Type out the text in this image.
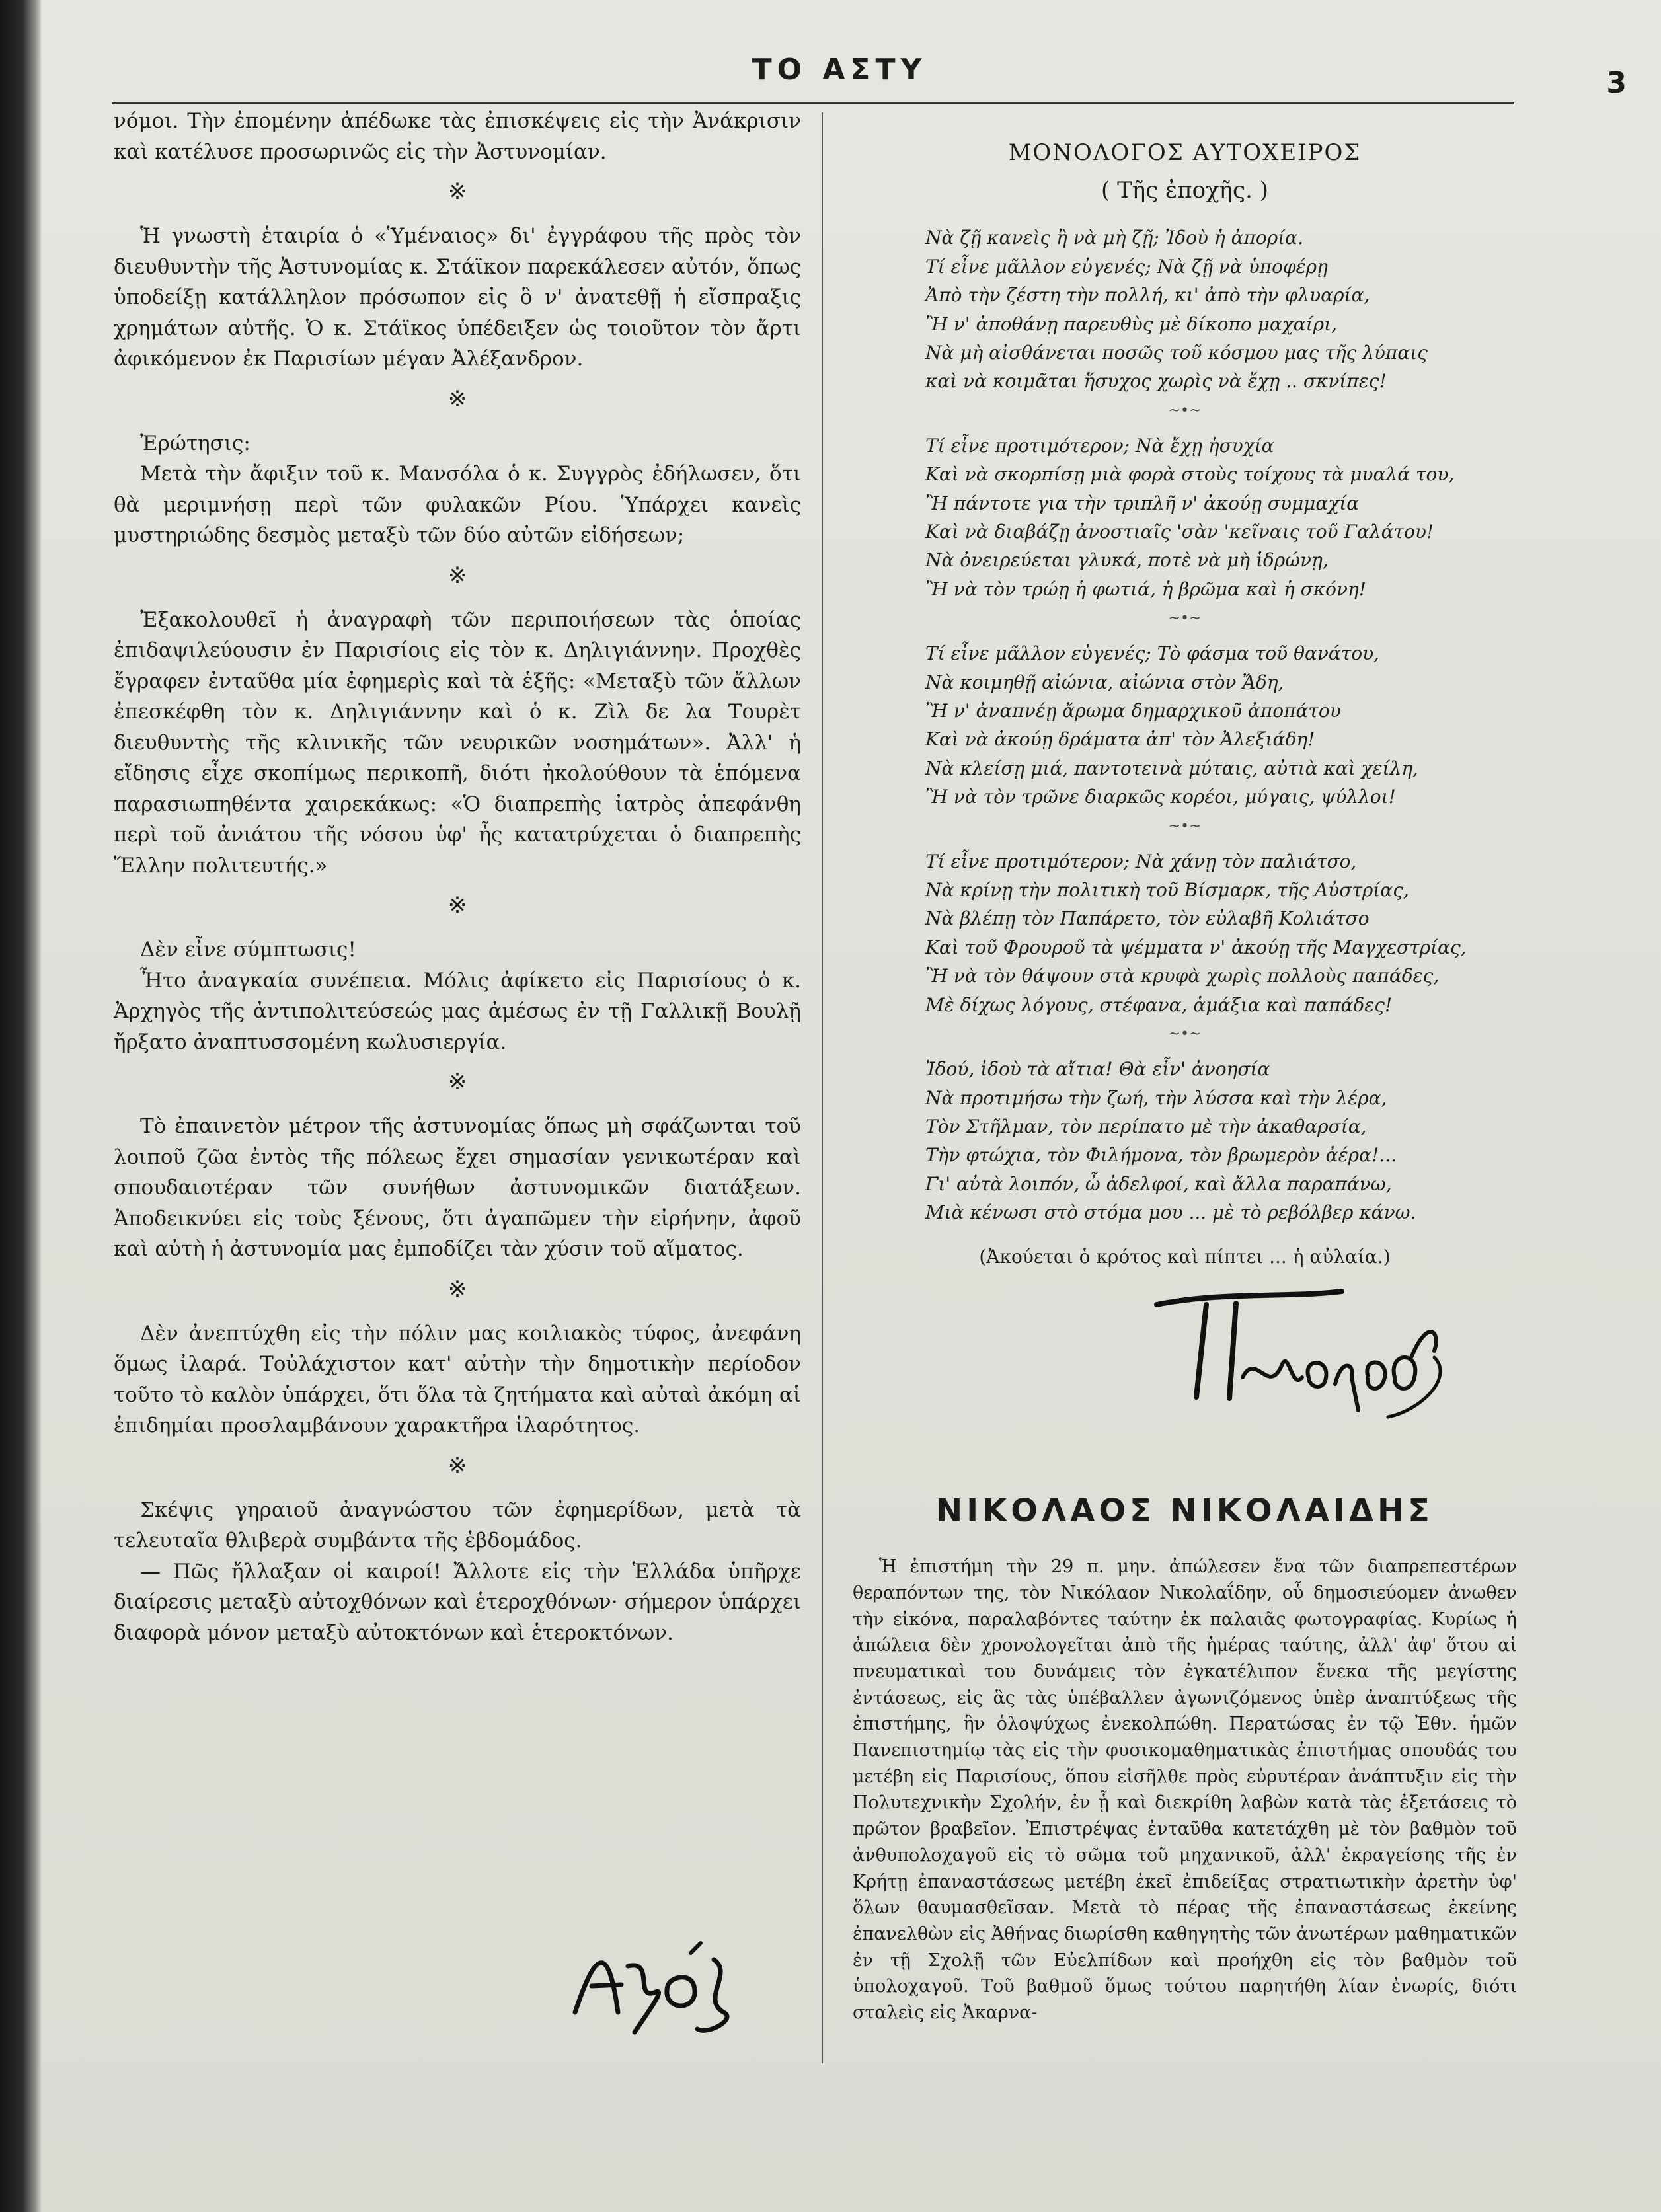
ΤΟ ΑΣΤΥ	3

νόμοι. Τὴν ἐπομένην ἀπέδωκε τὰς ἐπισκέψεις εἰς τὴν Ἀνάκρισιν καὶ κατέλυσε προσωρινῶς εἰς τὴν Ἀστυνομίαν.

※

Ἡ γνωστὴ ἑταιρία ὁ «Ὑμέναιος» δι' ἐγγράφου τῆς πρὸς τὸν διευθυντὴν τῆς Ἀστυνομίας κ. Στάϊκον παρεκάλεσεν αὐτόν, ὅπως ὑποδείξῃ κατάλληλον πρόσωπον εἰς ὃ ν' ἀνατεθῇ ἡ εἴσπραξις χρημάτων αὐτῆς. Ὁ κ. Στάϊκος ὑπέδειξεν ὡς τοιοῦτον τὸν ἄρτι ἀφικόμενον ἐκ Παρισίων μέγαν Ἀλέξανδρον.

※

Ἐρώτησις:

Μετὰ τὴν ἄφιξιν τοῦ κ. Μανσόλα ὁ κ. Συγγρὸς ἐδήλωσεν, ὅτι θὰ μεριμνήσῃ περὶ τῶν φυλακῶν Ρίου. Ὑπάρχει κανεὶς μυστηριώδης δεσμὸς μεταξὺ τῶν δύο αὐτῶν εἰδήσεων;

※

Ἐξακολουθεῖ ἡ ἀναγραφὴ τῶν περιποιήσεων τὰς ὁποίας ἐπιδαψιλεύουσιν ἐν Παρισίοις εἰς τὸν κ. Δηλιγιάννην. Προχθὲς ἔγραφεν ἐνταῦθα μία ἐφημερὶς καὶ τὰ ἑξῆς: «Μεταξὺ τῶν ἄλλων ἐπεσκέφθη τὸν κ. Δηλιγιάννην καὶ ὁ κ. Ζὶλ δε λα Τουρὲτ διευθυντὴς τῆς κλινικῆς τῶν νευρικῶν νοσημάτων». Ἀλλ' ἡ εἴδησις εἶχε σκοπίμως περικοπῆ, διότι ἠκολούθουν τὰ ἑπόμενα παρασιωπηθέντα χαιρεκάκως: «Ὁ διαπρεπὴς ἰατρὸς ἀπεφάνθη περὶ τοῦ ἀνιάτου τῆς νόσου ὑφ' ἧς κατατρύχεται ὁ διαπρεπὴς Ἕλλην πολιτευτής.»

※

Δὲν εἶνε σύμπτωσις!

Ἦτο ἀναγκαία συνέπεια. Μόλις ἀφίκετο εἰς Παρισίους ὁ κ. Ἀρχηγὸς τῆς ἀντιπολιτεύσεώς μας ἀμέσως ἐν τῇ Γαλλικῇ Βουλῇ ἤρξατο ἀναπτυσσομένη κωλυσιεργία.

※

Τὸ ἐπαινετὸν μέτρον τῆς ἀστυνομίας ὅπως μὴ σφάζωνται τοῦ λοιποῦ ζῶα ἐντὸς τῆς πόλεως ἔχει σημασίαν γενικωτέραν καὶ σπουδαιοτέραν τῶν συνήθων ἀστυνομικῶν διατάξεων. Ἀποδεικνύει εἰς τοὺς ξένους, ὅτι ἀγαπῶμεν τὴν εἰρήνην, ἀφοῦ καὶ αὐτὴ ἡ ἀστυνομία μας ἐμποδίζει τὰν χύσιν τοῦ αἵματος.

※

Δὲν ἀνεπτύχθη εἰς τὴν πόλιν μας κοιλιακὸς τύφος, ἀνεφάνη ὅμως ἰλαρά. Τοὐλάχιστον κατ' αὐτὴν τὴν δημοτικὴν περίοδον τοῦτο τὸ καλὸν ὑπάρχει, ὅτι ὅλα τὰ ζητήματα καὶ αὐταὶ ἀκόμη αἱ ἐπιδημίαι προσλαμβάνουν χαρακτῆρα ἱλαρότητος.

※

Σκέψις γηραιοῦ ἀναγνώστου τῶν ἐφημερίδων, μετὰ τὰ τελευταῖα θλιβερὰ συμβάντα τῆς ἑβδομάδος.

— Πῶς ἤλλαξαν οἱ καιροί! Ἄλλοτε εἰς τὴν Ἑλλάδα ὑπῆρχε διαίρεσις μεταξὺ αὐτοχθόνων καὶ ἑτεροχθόνων· σήμερον ὑπάρχει διαφορὰ μόνον μεταξὺ αὐτοκτόνων καὶ ἑτεροκτόνων.

ΜΟΝΟΛΟΓΟΣ ΑΥΤΟΧΕΙΡΟΣ
( Τῆς ἐποχῆς. )
Νὰ ζῇ κανεὶς ἢ νὰ μὴ ζῇ; Ἰδοὺ ἡ ἀπορία.
Τί εἶνε μᾶλλον εὐγενές; Νὰ ζῇ νὰ ὑποφέρῃ
Ἀπὸ τὴν ζέστη τὴν πολλή, κι' ἀπὸ τὴν φλυαρία,
Ἢ ν' ἀποθάνῃ παρευθὺς μὲ δίκοπο μαχαίρι,
Νὰ μὴ αἰσθάνεται ποσῶς τοῦ κόσμου μας τῆς λύπαις
καὶ νὰ κοιμᾶται ἥσυχος χωρὶς νὰ ἔχῃ .. σκνίπες!
~•~
Τί εἶνε προτιμότερον; Νὰ ἔχῃ ἡσυχία
Καὶ νὰ σκορπίσῃ μιὰ φορὰ στοὺς τοίχους τὰ μυαλά του,
Ἢ πάντοτε για τὴν τριπλῆ ν' ἀκούῃ συμμαχία
Καὶ νὰ διαβάζῃ ἀνοστιαῖς 'σὰν 'κεῖναις τοῦ Γαλάτου!
Νὰ ὀνειρεύεται γλυκά, ποτὲ νὰ μὴ ἱδρώνῃ,
Ἢ νὰ τὸν τρώῃ ἡ φωτιά, ἡ βρῶμα καὶ ἡ σκόνη!
~•~
Τί εἶνε μᾶλλον εὐγενές; Τὸ φάσμα τοῦ θανάτου,
Νὰ κοιμηθῇ αἰώνια, αἰώνια στὸν Ἄδη,
Ἢ ν' ἀναπνέῃ ἄρωμα δημαρχικοῦ ἀποπάτου
Καὶ νὰ ἀκούῃ δράματα ἀπ' τὸν Ἀλεξιάδη!
Νὰ κλείσῃ μιά, παντοτεινὰ μύταις, αὐτιὰ καὶ χείλη,
Ἢ νὰ τὸν τρῶνε διαρκῶς κορέοι, μύγαις, ψύλλοι!
~•~
Τί εἶνε προτιμότερον; Νὰ χάνῃ τὸν παλιάτσο,
Νὰ κρίνῃ τὴν πολιτικὴ τοῦ Βίσμαρκ, τῆς Αὐστρίας,
Νὰ βλέπῃ τὸν Παπάρετο, τὸν εὐλαβῆ Κολιάτσο
Καὶ τοῦ Φρουροῦ τὰ ψέμματα ν' ἀκούῃ τῆς Μαγχεστρίας,
Ἢ νὰ τὸν θάψουν στὰ κρυφὰ χωρὶς πολλοὺς παπάδες,
Μὲ δίχως λόγους, στέφανα, ἁμάξια καὶ παπάδες!
~•~
Ἰδού, ἰδοὺ τὰ αἴτια! Θὰ εἶν' ἀνοησία
Νὰ προτιμήσω τὴν ζωή, τὴν λύσσα καὶ τὴν λέρα,
Τὸν Στῆλμαν, τὸν περίπατο μὲ τὴν ἀκαθαρσία,
Τὴν φτώχια, τὸν Φιλήμονα, τὸν βρωμερὸν ἀέρα!...
Γι' αὐτὰ λοιπόν, ὦ ἀδελφοί, καὶ ἄλλα παραπάνω,
Μιὰ κένωσι στὸ στόμα μου ... μὲ τὸ ρεβόλβερ κάνω.
(Ἀκούεται ὁ κρότος καὶ πίπτει ... ἡ αὐλαία.)
ΝΙΚΟΛΑΟΣ ΝΙΚΟΛΑΙΔΗΣ

Ἡ ἐπιστήμη τὴν 29 π. μην. ἀπώλεσεν ἕνα τῶν διαπρεπεστέρων θεραπόντων της, τὸν Νικόλαον Νικολαΐδην, οὗ δημοσιεύομεν ἀνωθεν τὴν εἰκόνα, παραλαβόντες ταύτην ἐκ παλαιᾶς φωτογραφίας. Κυρίως ἡ ἀπώλεια δὲν χρονολογεῖται ἀπὸ τῆς ἡμέρας ταύτης, ἀλλ' ἀφ' ὅτου αἱ πνευματικαὶ του δυνάμεις τὸν ἐγκατέλιπον ἕνεκα τῆς μεγίστης ἐντάσεως, εἰς ἃς τὰς ὑπέβαλλεν ἀγωνιζόμενος ὑπὲρ ἀναπτύξεως τῆς ἐπιστήμης, ἣν ὁλοψύχως ἐνεκολπώθη. Περατώσας ἐν τῷ Ἐθν. ἡμῶν Πανεπιστημίῳ τὰς εἰς τὴν φυσικομαθηματικὰς ἐπιστήμας σπουδάς του μετέβη εἰς Παρισίους, ὅπου εἰσῆλθε πρὸς εὐρυτέραν ἀνάπτυξιν εἰς τὴν Πολυτεχνικὴν Σχολήν, ἐν ᾗ καὶ διεκρίθη λαβὼν κατὰ τὰς ἐξετάσεις τὸ πρῶτον βραβεῖον. Ἐπιστρέψας ἐνταῦθα κατετάχθη μὲ τὸν βαθμὸν τοῦ ἀνθυπολοχαγοῦ εἰς τὸ σῶμα τοῦ μηχανικοῦ, ἀλλ' ἐκραγείσης τῆς ἐν Κρήτῃ ἐπαναστάσεως μετέβη ἐκεῖ ἐπιδείξας στρατιωτικὴν ἀρετὴν ὑφ' ὅλων θαυμασθεῖσαν. Μετὰ τὸ πέρας τῆς ἐπαναστάσεως ἐκείνης ἐπανελθὼν εἰς Ἀθήνας διωρίσθη καθηγητὴς τῶν ἀνωτέρων μαθηματικῶν ἐν τῇ Σχολῇ τῶν Εὐελπίδων καὶ προήχθη εἰς τὸν βαθμὸν τοῦ ὑπολοχαγοῦ. Τοῦ βαθμοῦ ὅμως τούτου παρητήθη λίαν ἐνωρίς, διότι σταλεὶς εἰς Ἀκαρνα-
